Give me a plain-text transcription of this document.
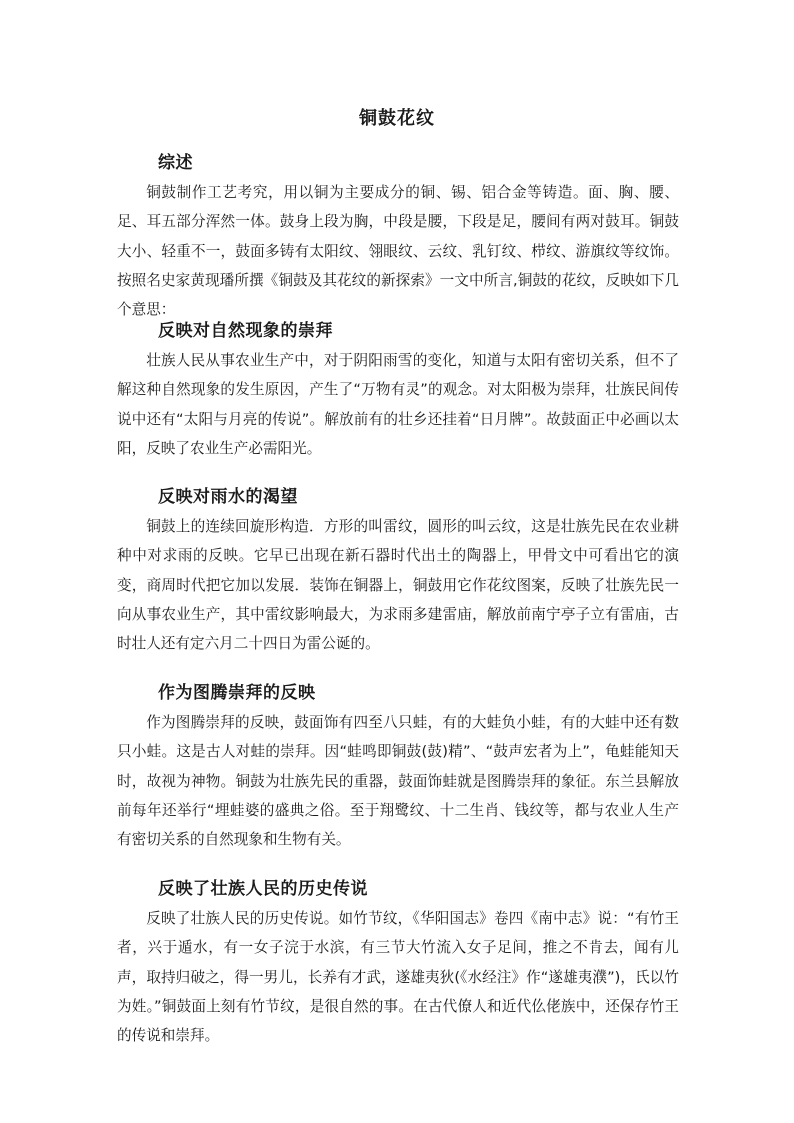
铜鼓花纹
综述

铜鼓制作工艺考究，用以铜为主要成分的铜、锡、铝合金等铸造。面、胸、腰、足、耳五部分浑然一体。鼓身上段为胸，中段是腰，下段是足，腰间有两对鼓耳。铜鼓大小、轻重不一，鼓面多铸有太阳纹、翎眼纹、云纹、乳钉纹、栉纹、游旗纹等纹饰。按照名史家黄现璠所撰《铜鼓及其花纹的新探索》一文中所言,铜鼓的花纹，反映如下几个意思：

反映对自然现象的崇拜

壮族人民从事农业生产中，对于阴阳雨雪的变化，知道与太阳有密切关系，但不了解这种自然现象的发生原因，产生了“万物有灵”的观念。对太阳极为崇拜，壮族民间传说中还有“太阳与月亮的传说”。解放前有的壮乡还挂着“日月牌”。故鼓面正中必画以太阳，反映了农业生产必需阳光。

反映对雨水的渴望

铜鼓上的连续回旋形构造．方形的叫雷纹，圆形的叫云纹，这是壮族先民在农业耕种中对求雨的反映。它早已出现在新石器时代出土的陶器上，甲骨文中可看出它的演变，商周时代把它加以发展．装饰在铜器上，铜鼓用它作花纹图案，反映了壮族先民一向从事农业生产，其中雷纹影响最大，为求雨多建雷庙，解放前南宁亭子立有雷庙，古时壮人还有定六月二十四日为雷公诞的。

作为图腾崇拜的反映

作为图腾崇拜的反映，鼓面饰有四至八只蛙，有的大蛙负小蛙，有的大蛙中还有数只小蛙。这是古人对蛙的崇拜。因“蛙鸣即铜鼓(鼓)精”、“鼓声宏者为上”，龟蛙能知天时，故视为神物。铜鼓为壮族先民的重器，鼓面饰蛙就是图腾崇拜的象征。东兰县解放前每年还举行“埋蛙婆的盛典之俗。至于翔鹭纹、十二生肖、钱纹等，都与农业人生产有密切关系的自然现象和生物有关。

反映了壮族人民的历史传说

反映了壮族人民的历史传说。如竹节纹，《华阳国志》卷四《南中志》说：“有竹王者，兴于遁水，有一女子浣于水滨，有三节大竹流入女子足间，推之不肯去，闻有儿声，取持归破之，得一男儿，长养有才武，遂雄夷狄(《水经注》作“遂雄夷濮”)，氏以竹为姓。”铜鼓面上刻有竹节纹，是很自然的事。在古代僚人和近代仫佬族中，还保存竹王的传说和崇拜。
